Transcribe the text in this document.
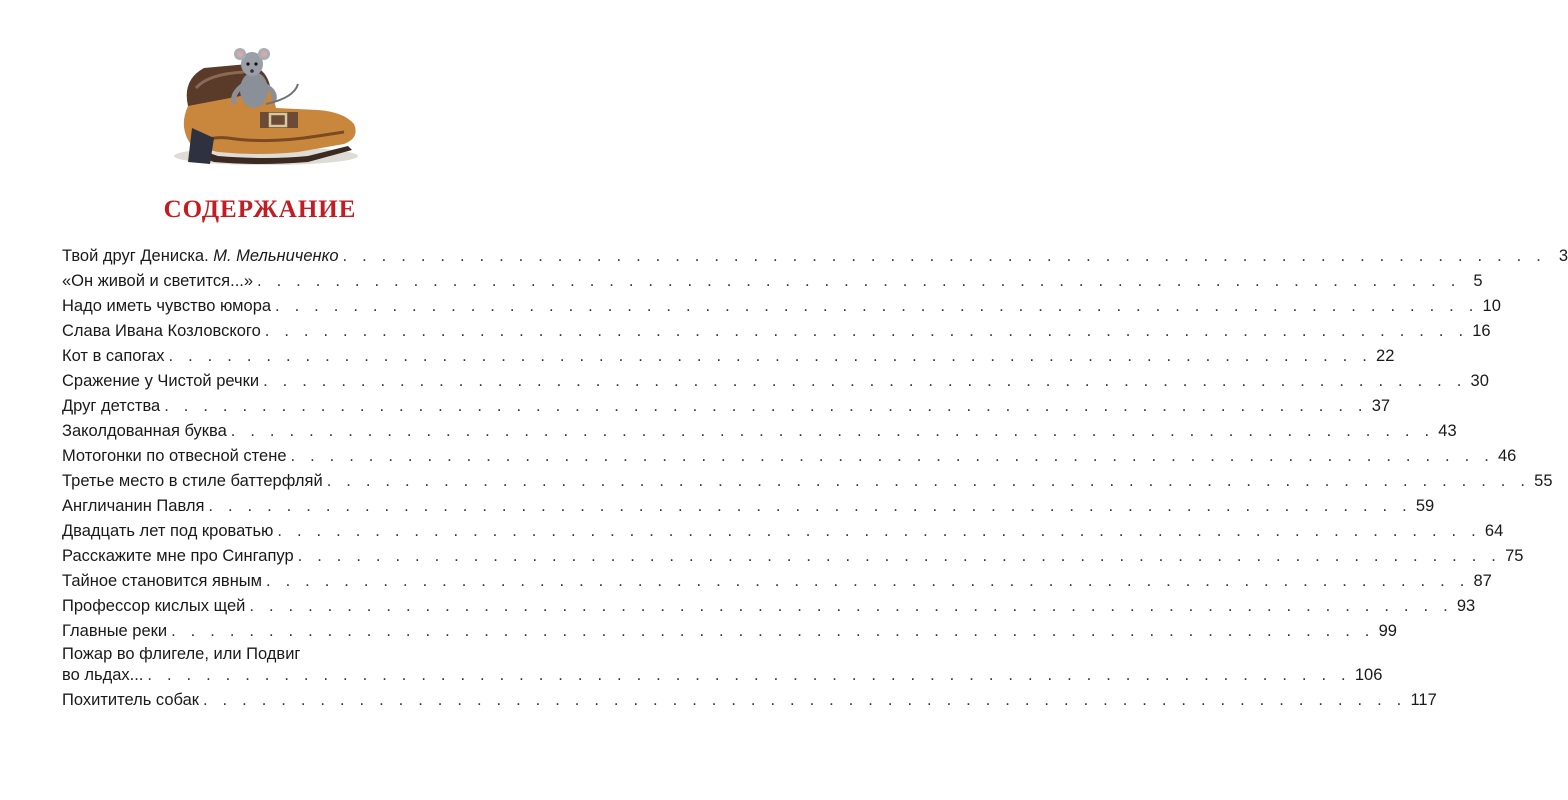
СОДЕРЖАНИЕ
Твой друг Дениска. М. Мельниченко . . . . . . . . . . . . . . . . . . . . . . . . . . . . . . . . . . . . . . . . . . . . . . . . . . . . . . . . . . . . . . 3
«Он живой и светится...» . . . . . . . . . . . . . . . . . . . . . . . . . . . . . . . . . . . . . . . . . . . . . . . . . . . . . . . . . . . . . . 5
Надо иметь чувство юмора . . . . . . . . . . . . . . . . . . . . . . . . . . . . . . . . . . . . . . . . . . . . . . . . . . . . . . . . . . . . . . 10
Слава Ивана Козловского . . . . . . . . . . . . . . . . . . . . . . . . . . . . . . . . . . . . . . . . . . . . . . . . . . . . . . . . . . . . . . 16
Кот в сапогах . . . . . . . . . . . . . . . . . . . . . . . . . . . . . . . . . . . . . . . . . . . . . . . . . . . . . . . . . . . . . . 22
Сражение у Чистой речки . . . . . . . . . . . . . . . . . . . . . . . . . . . . . . . . . . . . . . . . . . . . . . . . . . . . . . . . . . . . . . 30
Друг детства . . . . . . . . . . . . . . . . . . . . . . . . . . . . . . . . . . . . . . . . . . . . . . . . . . . . . . . . . . . . . . 37
Заколдованная буква . . . . . . . . . . . . . . . . . . . . . . . . . . . . . . . . . . . . . . . . . . . . . . . . . . . . . . . . . . . . . . 43
Мотогонки по отвесной стене . . . . . . . . . . . . . . . . . . . . . . . . . . . . . . . . . . . . . . . . . . . . . . . . . . . . . . . . . . . . . . 46
Третье место в стиле баттерфляй . . . . . . . . . . . . . . . . . . . . . . . . . . . . . . . . . . . . . . . . . . . . . . . . . . . . . . . . . . . . . . 55
Англичанин Павля . . . . . . . . . . . . . . . . . . . . . . . . . . . . . . . . . . . . . . . . . . . . . . . . . . . . . . . . . . . . . . 59
Двадцать лет под кроватью . . . . . . . . . . . . . . . . . . . . . . . . . . . . . . . . . . . . . . . . . . . . . . . . . . . . . . . . . . . . . . 64
Расскажите мне про Сингапур . . . . . . . . . . . . . . . . . . . . . . . . . . . . . . . . . . . . . . . . . . . . . . . . . . . . . . . . . . . . . . 75
Тайное становится явным . . . . . . . . . . . . . . . . . . . . . . . . . . . . . . . . . . . . . . . . . . . . . . . . . . . . . . . . . . . . . . 87
Профессор кислых щей . . . . . . . . . . . . . . . . . . . . . . . . . . . . . . . . . . . . . . . . . . . . . . . . . . . . . . . . . . . . . . 93
Главные реки . . . . . . . . . . . . . . . . . . . . . . . . . . . . . . . . . . . . . . . . . . . . . . . . . . . . . . . . . . . . . . 99
Пожар во флигеле, или Подвиг
во льдах... . . . . . . . . . . . . . . . . . . . . . . . . . . . . . . . . . . . . . . . . . . . . . . . . . . . . . . . . . . . . . . 106
Похититель собак . . . . . . . . . . . . . . . . . . . . . . . . . . . . . . . . . . . . . . . . . . . . . . . . . . . . . . . . . . . . . . 117
